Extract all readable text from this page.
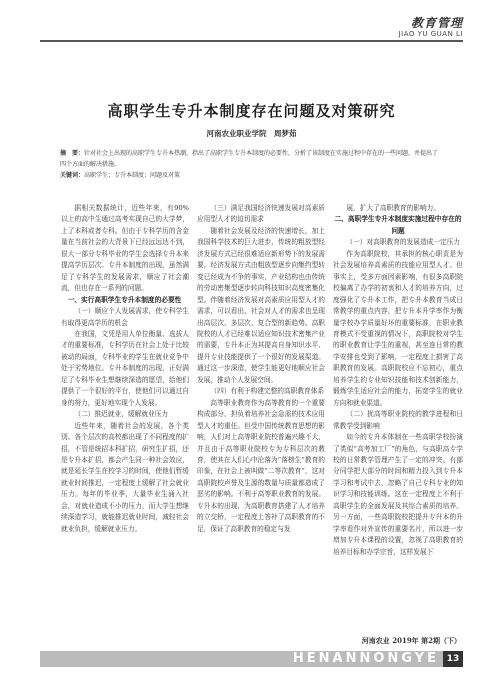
教育管理
JIAO YU GUAN LI
高职学生专升本制度存在问题及对策研究
河南农业职业学院　周梦茹
摘　要：针对社会上出现的高职学生专升本热潮，指出了高职学生专升本制度的必要性，分析了该制度在实施过程中存在的一些问题，并提出了四个方面的解决措施。
关键词：高职学生；专升本制度；问题及对策

据相关数据统计，近些年来，有90%以上的高中生通过高考实现自己的大学梦，上了本科或者专科。但由于专科学历的含金量在当前社会的大背景下已经远远达不到，很大一部分专科毕业的学生会选择专升本来提高学历层次。专升本制度的出现，虽然满足了专科学生的发展需求，顺应了社会潮流，但也存在一系列的问题。

一、实行高职学生专升本制度的必要性

（一）顺应个人发展需求，使专科学生有取得更高学历的机会

在我国，文凭是用人单位衡量、选拔人才的重要标准，专科学历在社会上处于比较被动的局面，专科毕业的学生在就业竞争中处于劣势地位。专升本制度的出现，正好满足了专科毕业生想继续深造的愿望，给他们提供了一个很好的平台，使他们可以通过自身的努力，更好地实现个人发展。

（二）推迟就业，缓解就业压力

近些年来，随着社会的发展，各个类别、各个层次的高校都出现了不同程度的扩招，不管是统招本科扩招，研究生扩招，还是专升本扩招，都会产生同一种社会效应，就是延长学生在校学习的时间，使他们暂缓就业时间推迟，一定程度上缓解了社会就业压力。每年的毕业季，大量毕业生涌入社会，对就业造成不小的压力，而大学生想继续深造学习，就能推迟就业时间，减轻社会就业负担，缓解就业压力。

（三）满足我国经济快速发展对高素质应用型人才的迫切需求

随着社会发展及经济的快速增长，加上我国科学技术的巨大进步，传统的粗放型经济发展方式已经很难适应新形势下的发展需要，经济发展方式由粗放型逐步向集约型转变已经成为不争的事实，产业结构也由传统的劳动密集型逐步转向科技知识高度密集化型。伴随着经济发展对高素质应用型人才的需求，可以看出，社会对人才的需求也呈现出高层次、多层次、复合型的新趋势。高职院校的人才已经难以适应知识技术密集产业的需要，专升本正为其提高自身知识水平、提升专业技能提供了一个很好的发展渠道。通过这一步深造，使学生能更好地顺应社会发展，推动个人发展空间。

（四）有利于构建完整的高职教育体系

高等职业教育作为高等教育的一个重要构成部分，担负着培养社会急需的技术应用型人才的重任。但受中国传统教育思想的影响，人们对上高等职业院校普遍兴趣不大，并且由于高等职业院校专为专科层次的教育，使其在人们心中沦落为“落榜生”教育的印象，在社会上被叫做“二等次教育”，这对高职院校声誉及生源的数量与质量都造成了恶劣的影响。不利于高等职业教育的发展。专升本的出现，为高职教育搭建了人才培养的立交桥，一定程度上答补了高职教育的不足，保证了高职教育的稳定与发

展，扩大了高职教育的影响力。

二、高职学生专升本制度实施过程中存在的问题

（一）对高职教育的发展造成一定压力

作为高职院校，其承担的核心职责是为社会发展培养高素质的技能应用型人才。但事实上，受多方面因素影响，有很多高职院校偏离了办学的初衷和人才的培养方向，过度强化了专升本工作，把专升本教育当成日常教学的重点内容，把专升本升学率作为衡量学校办学质量好坏的重要标准，在职业教育模式不受重视的情况下，高职院校对学生的职业教育让学生的重视，甚至连日常的教学安排也受到了影响，一定程度上损害了高职教育的发展。高职院校应不忘初心，重点培养学生的专业知识技能和技术创新能力，锻炼学生适应社会的能力，拓宽学生的就业方向和就业渠道。

（二）扰高等职业院校的教学进程和日常教学受到影响

如今的专升本体制在一些高职学校扮演了类似“高考加工厂”的角色，与高职高专学校的日常教学管理产生了一定的冲突。有部分同学把大部分的时间和精力投入到专升本学习和考试中去，忽略了自己专科专业的知识学习和技能训练。这在一定程度上不利于高职学生的全面发展及其综合素质的培养。另一方面，一些高职院校把提升专升本的升学率看作对外宣传的重要名片，所以进一步增加专升本课程的设置，忽视了高职教育的培养目标和办学宗旨，这样发展下

河南农业 2019年 第2期（下）
HENANNONGYE 13
